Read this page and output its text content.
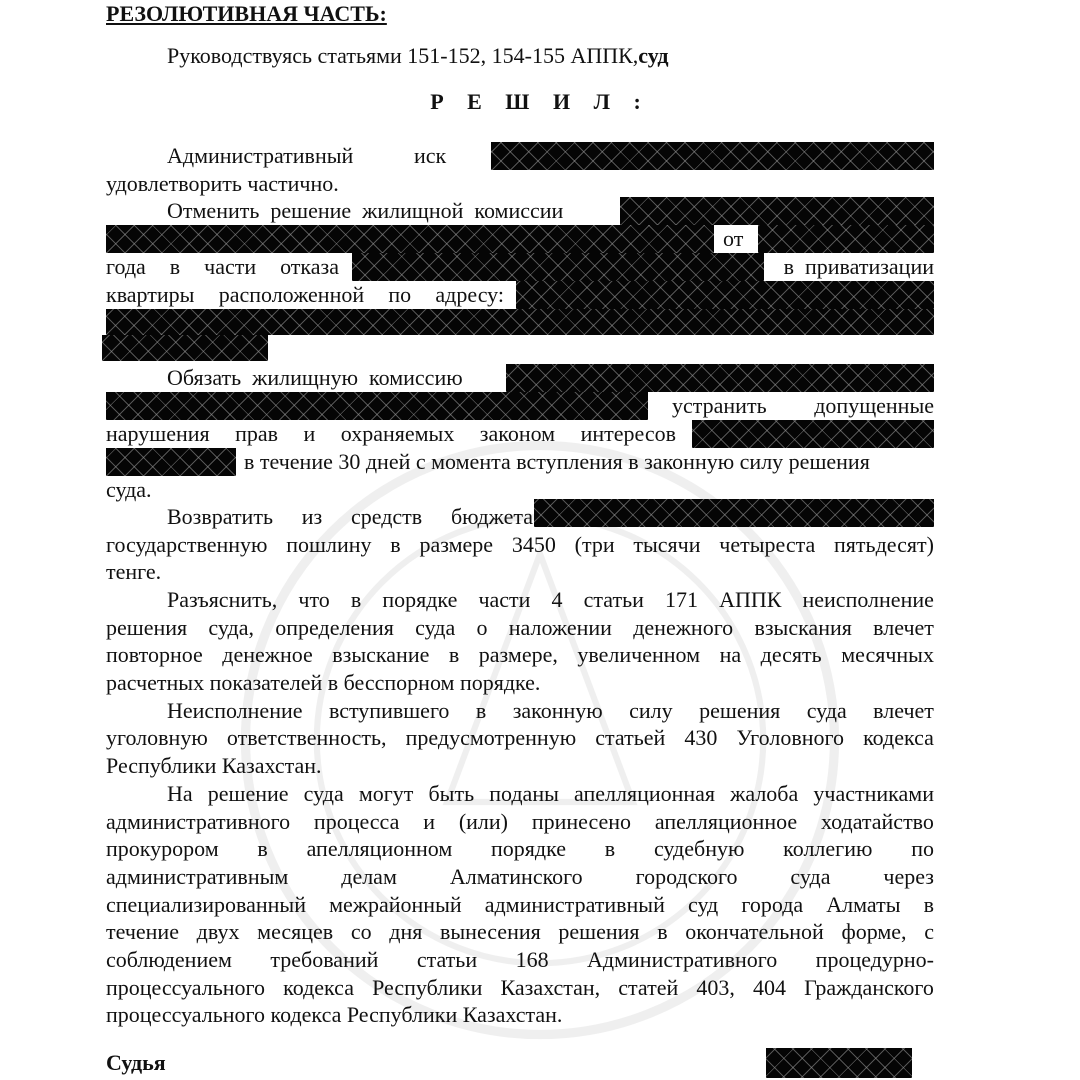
РЕЗОЛЮТИВНАЯ ЧАСТЬ:
Руководствуясь статьями 151-152, 154-155 АППК,суд
Р Е Ш И Л :
Административный	иск
удовлетворить частично.
Отменить  решение  жилищной  комиссии
от
года в части отказа	в  приватизации
квартиры расположенной по адресу:
Обязать  жилищную  комиссию
устранить допущенные
нарушения прав и охраняемых законом интересов
в течение 30 дней с момента вступления в законную силу решения
суда.
Возвратить из средств бюджета
государственную пошлину в размере 3450 (три тысячи четыреста пятьдесят)
тенге.
Разъяснить, что в порядке части 4 статьи 171 АППК неисполнение
решения суда, определения суда о наложении денежного взыскания влечет
повторное денежное взыскание в размере, увеличенном на десять месячных
расчетных показателей в бесспорном порядке.
Неисполнение вступившего в законную силу решения суда влечет
уголовную ответственность, предусмотренную статьей 430 Уголовного кодекса
Республики Казахстан.
На решение суда могут быть поданы апелляционная жалоба участниками
административного процесса и (или) принесено апелляционное ходатайство
прокурором в апелляционном порядке в судебную коллегию по
административным делам Алматинского городского суда через
специализированный межрайонный административный суд города Алматы в
течение двух месяцев со дня вынесения решения в окончательной форме, с
соблюдением требований статьи 168 Административного процедурно-
процессуального кодекса Республики Казахстан, статей 403, 404 Гражданского
процессуального кодекса Республики Казахстан.
Судья
